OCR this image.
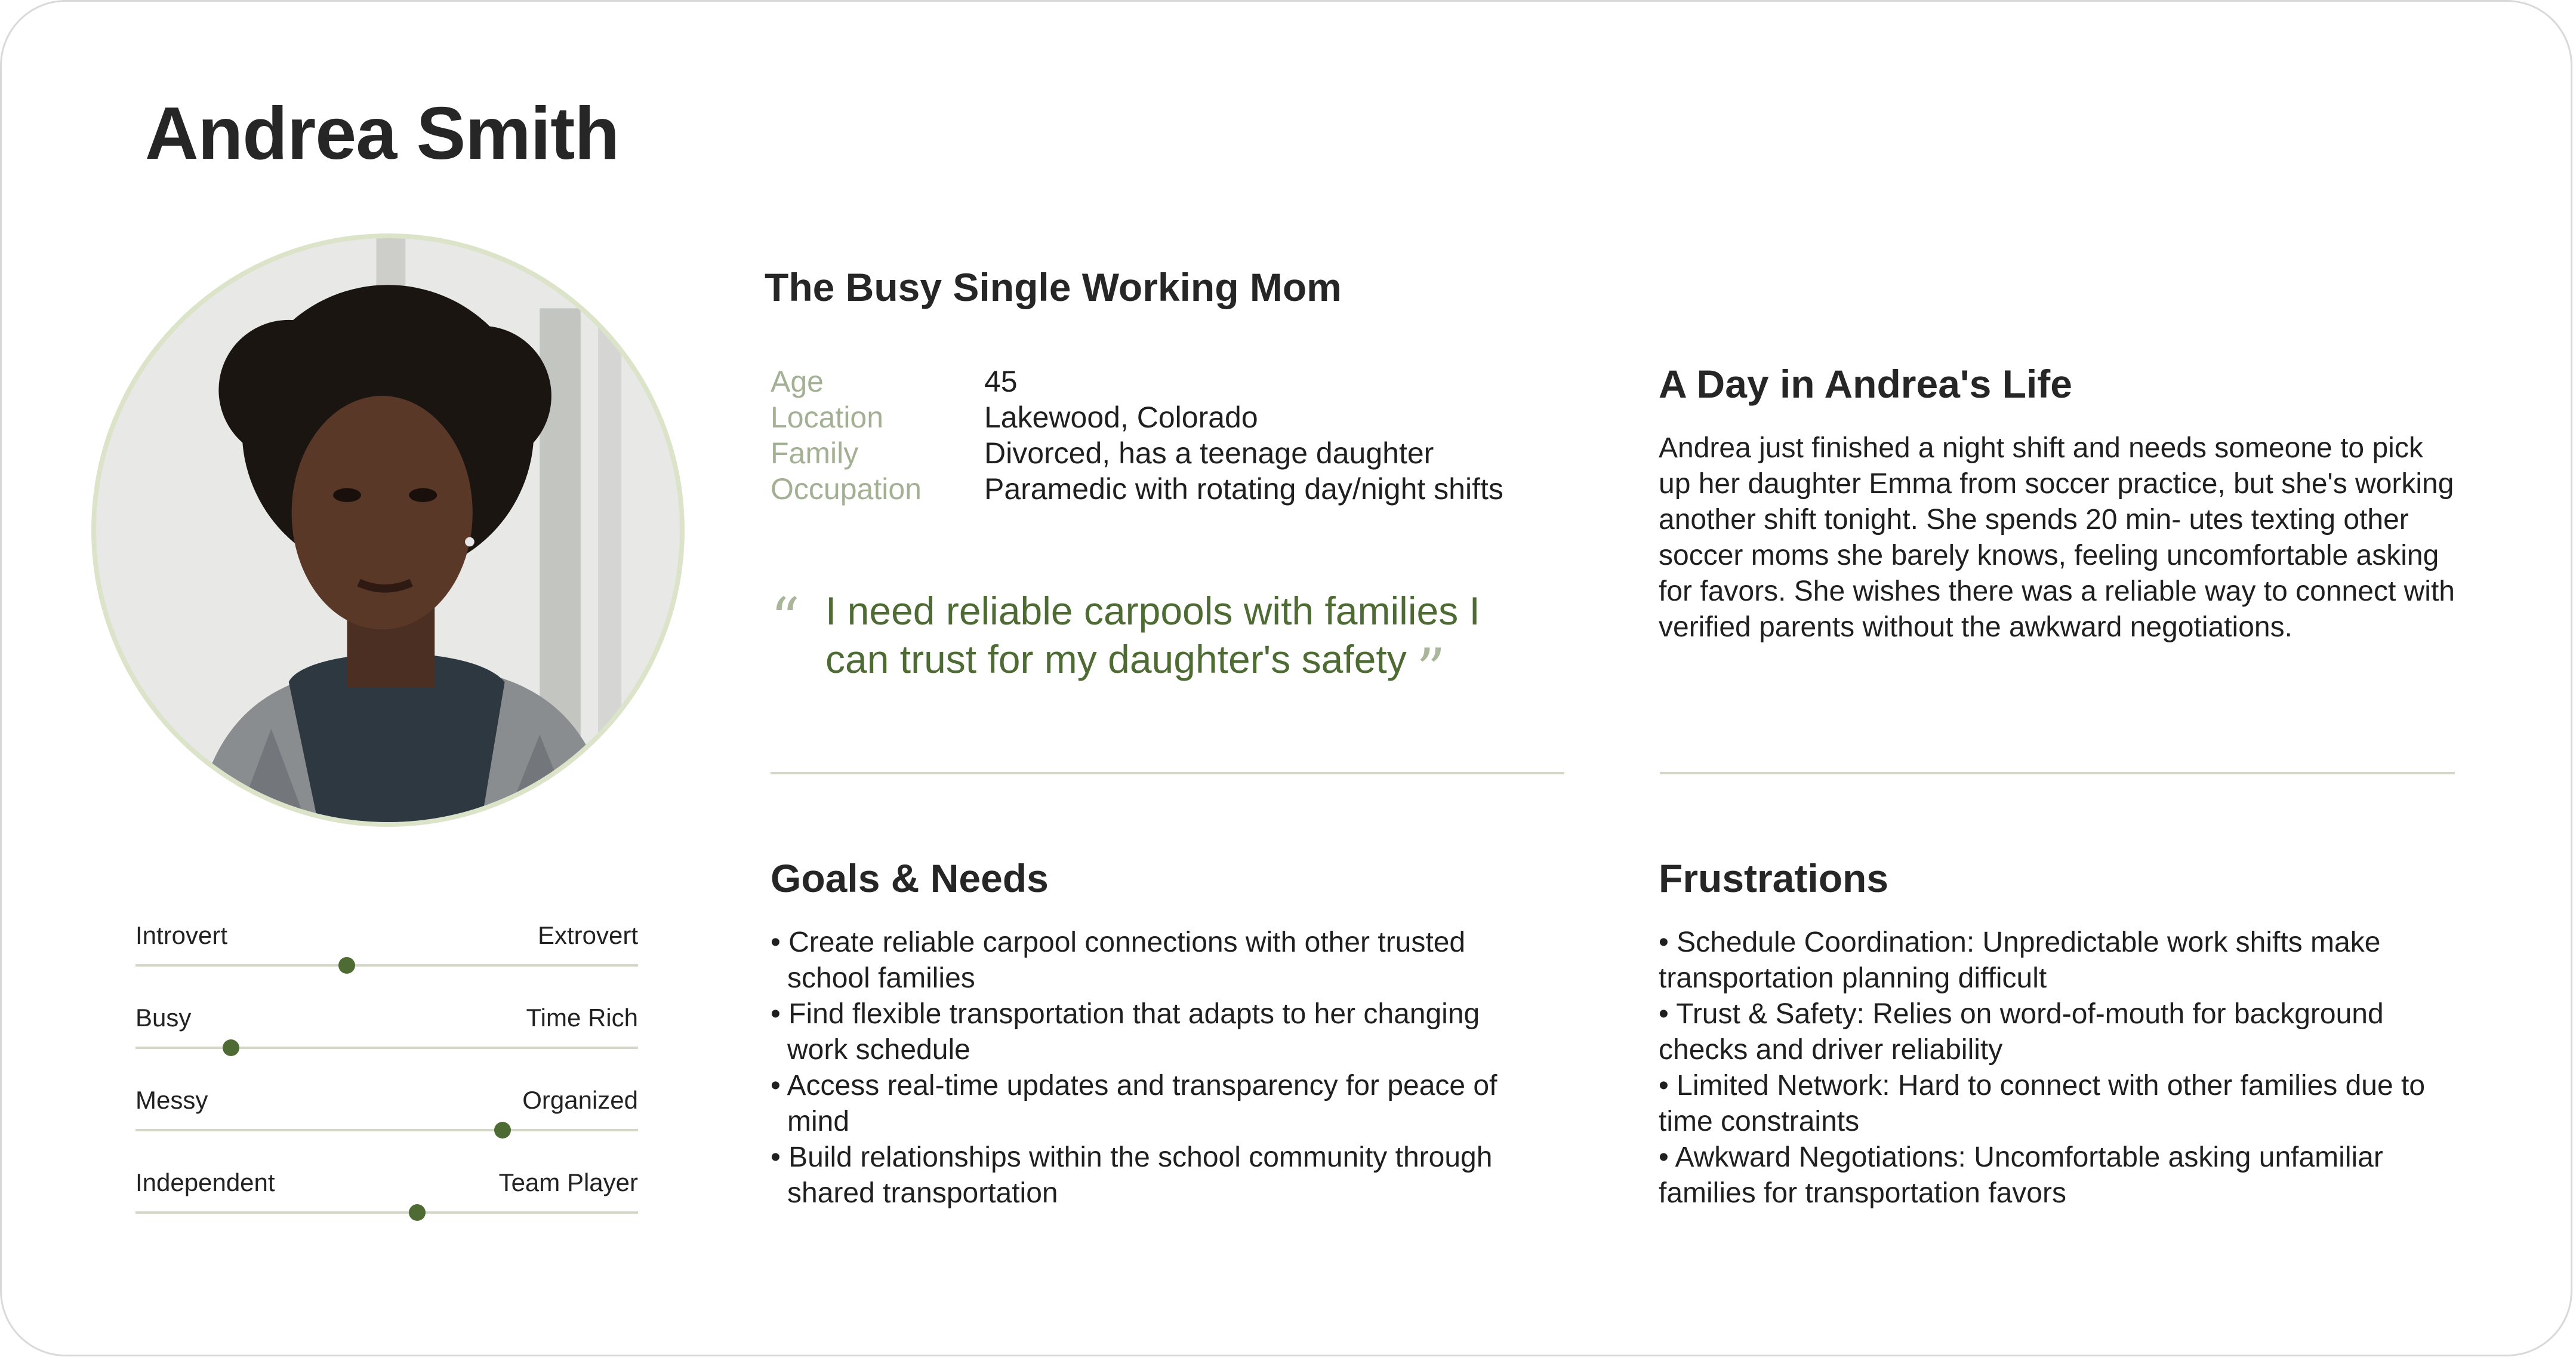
Andrea Smith
Introvert	Extrovert
Busy	Time Rich
Messy	Organized
Independent	Team Player
The Busy Single Working Mom
Age	45
Location	Lakewood, Colorado
Family	Divorced, has a teenage daughter
Occupation	Paramedic with rotating day/night shifts
“ I need reliable carpools with families I can trust for my daughter's safety ”
A Day in Andrea's Life

Andrea just finished a night shift and needs someone to pick up her daughter Emma from soccer practice, but she's working another shift tonight. She spends 20 min- utes texting other soccer moms she barely knows, feeling uncomfortable asking for favors. She wishes there was a reliable way to connect with verified parents without the awkward negotiations.

Goals & Needs
• Create reliable carpool connections with other trusted school families
• Find flexible transportation that adapts to her changing work schedule
• Access real-time updates and transparency for peace of mind
• Build relationships within the school community through shared transportation
Frustrations
• Schedule Coordination: Unpredictable work shifts make transportation planning difficult
• Trust & Safety: Relies on word-of-mouth for background checks and driver reliability
• Limited Network: Hard to connect with other families due to time constraints
• Awkward Negotiations: Uncomfortable asking unfamiliar families for transportation favors
